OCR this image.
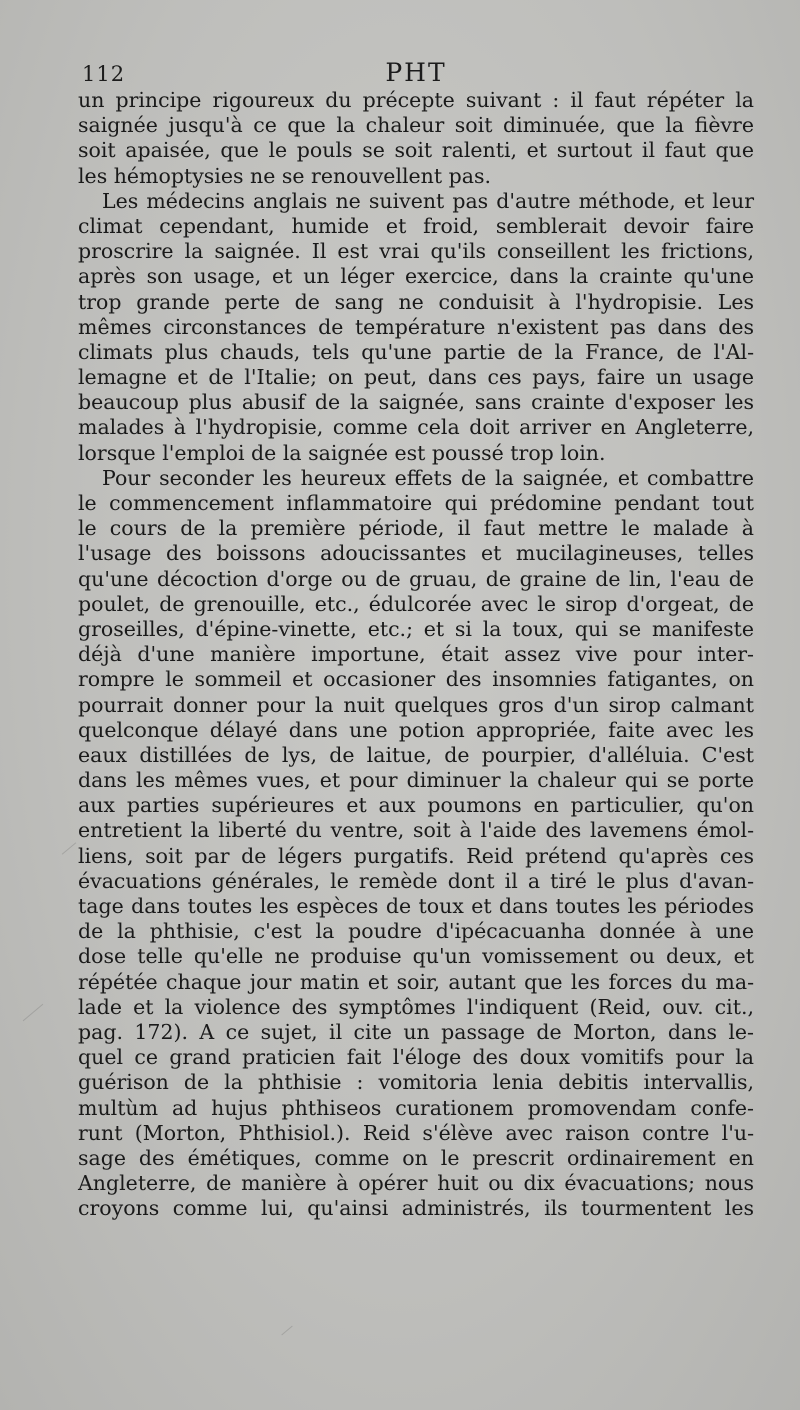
112	PHT
un principe rigoureux du précepte suivant : il faut répéter la
saignée jusqu'à ce que la chaleur soit diminuée, que la fièvre
soit apaisée, que le pouls se soit ralenti, et surtout il faut que
les hémoptysies ne se renouvellent pas.
Les médecins anglais ne suivent pas d'autre méthode, et leur
climat cependant, humide et froid, semblerait devoir faire
proscrire la saignée. Il est vrai qu'ils conseillent les frictions,
après son usage, et un léger exercice, dans la crainte qu'une
trop grande perte de sang ne conduisit à l'hydropisie. Les
mêmes circonstances de température n'existent pas dans des
climats plus chauds, tels qu'une partie de la France, de l'Al-
lemagne et de l'Italie; on peut, dans ces pays, faire un usage
beaucoup plus abusif de la saignée, sans crainte d'exposer les
malades à l'hydropisie, comme cela doit arriver en Angleterre,
lorsque l'emploi de la saignée est poussé trop loin.
Pour seconder les heureux effets de la saignée, et combattre
le commencement inflammatoire qui prédomine pendant tout
le cours de la première période, il faut mettre le malade à
l'usage des boissons adoucissantes et mucilagineuses, telles
qu'une décoction d'orge ou de gruau, de graine de lin, l'eau de
poulet, de grenouille, etc., édulcorée avec le sirop d'orgeat, de
groseilles, d'épine-vinette, etc.; et si la toux, qui se manifeste
déjà d'une manière importune, était assez vive pour inter-
rompre le sommeil et occasioner des insomnies fatigantes, on
pourrait donner pour la nuit quelques gros d'un sirop calmant
quelconque délayé dans une potion appropriée, faite avec les
eaux distillées de lys, de laitue, de pourpier, d'alléluia. C'est
dans les mêmes vues, et pour diminuer la chaleur qui se porte
aux parties supérieures et aux poumons en particulier, qu'on
entretient la liberté du ventre, soit à l'aide des lavemens émol-
liens, soit par de légers purgatifs. Reid prétend qu'après ces
évacuations générales, le remède dont il a tiré le plus d'avan-
tage dans toutes les espèces de toux et dans toutes les périodes
de la phthisie, c'est la poudre d'ipécacuanha donnée à une
dose telle qu'elle ne produise qu'un vomissement ou deux, et
répétée chaque jour matin et soir, autant que les forces du ma-
lade et la violence des symptômes l'indiquent (Reid, ouv. cit.,
pag. 172). A ce sujet, il cite un passage de Morton, dans le-
quel ce grand praticien fait l'éloge des doux vomitifs pour la
guérison de la phthisie : vomitoria lenia debitis intervallis,
multùm ad hujus phthiseos curationem promovendam confe-
runt (Morton, Phthisiol.). Reid s'élève avec raison contre l'u-
sage des émétiques, comme on le prescrit ordinairement en
Angleterre, de manière à opérer huit ou dix évacuations; nous
croyons comme lui, qu'ainsi administrés, ils tourmentent les
